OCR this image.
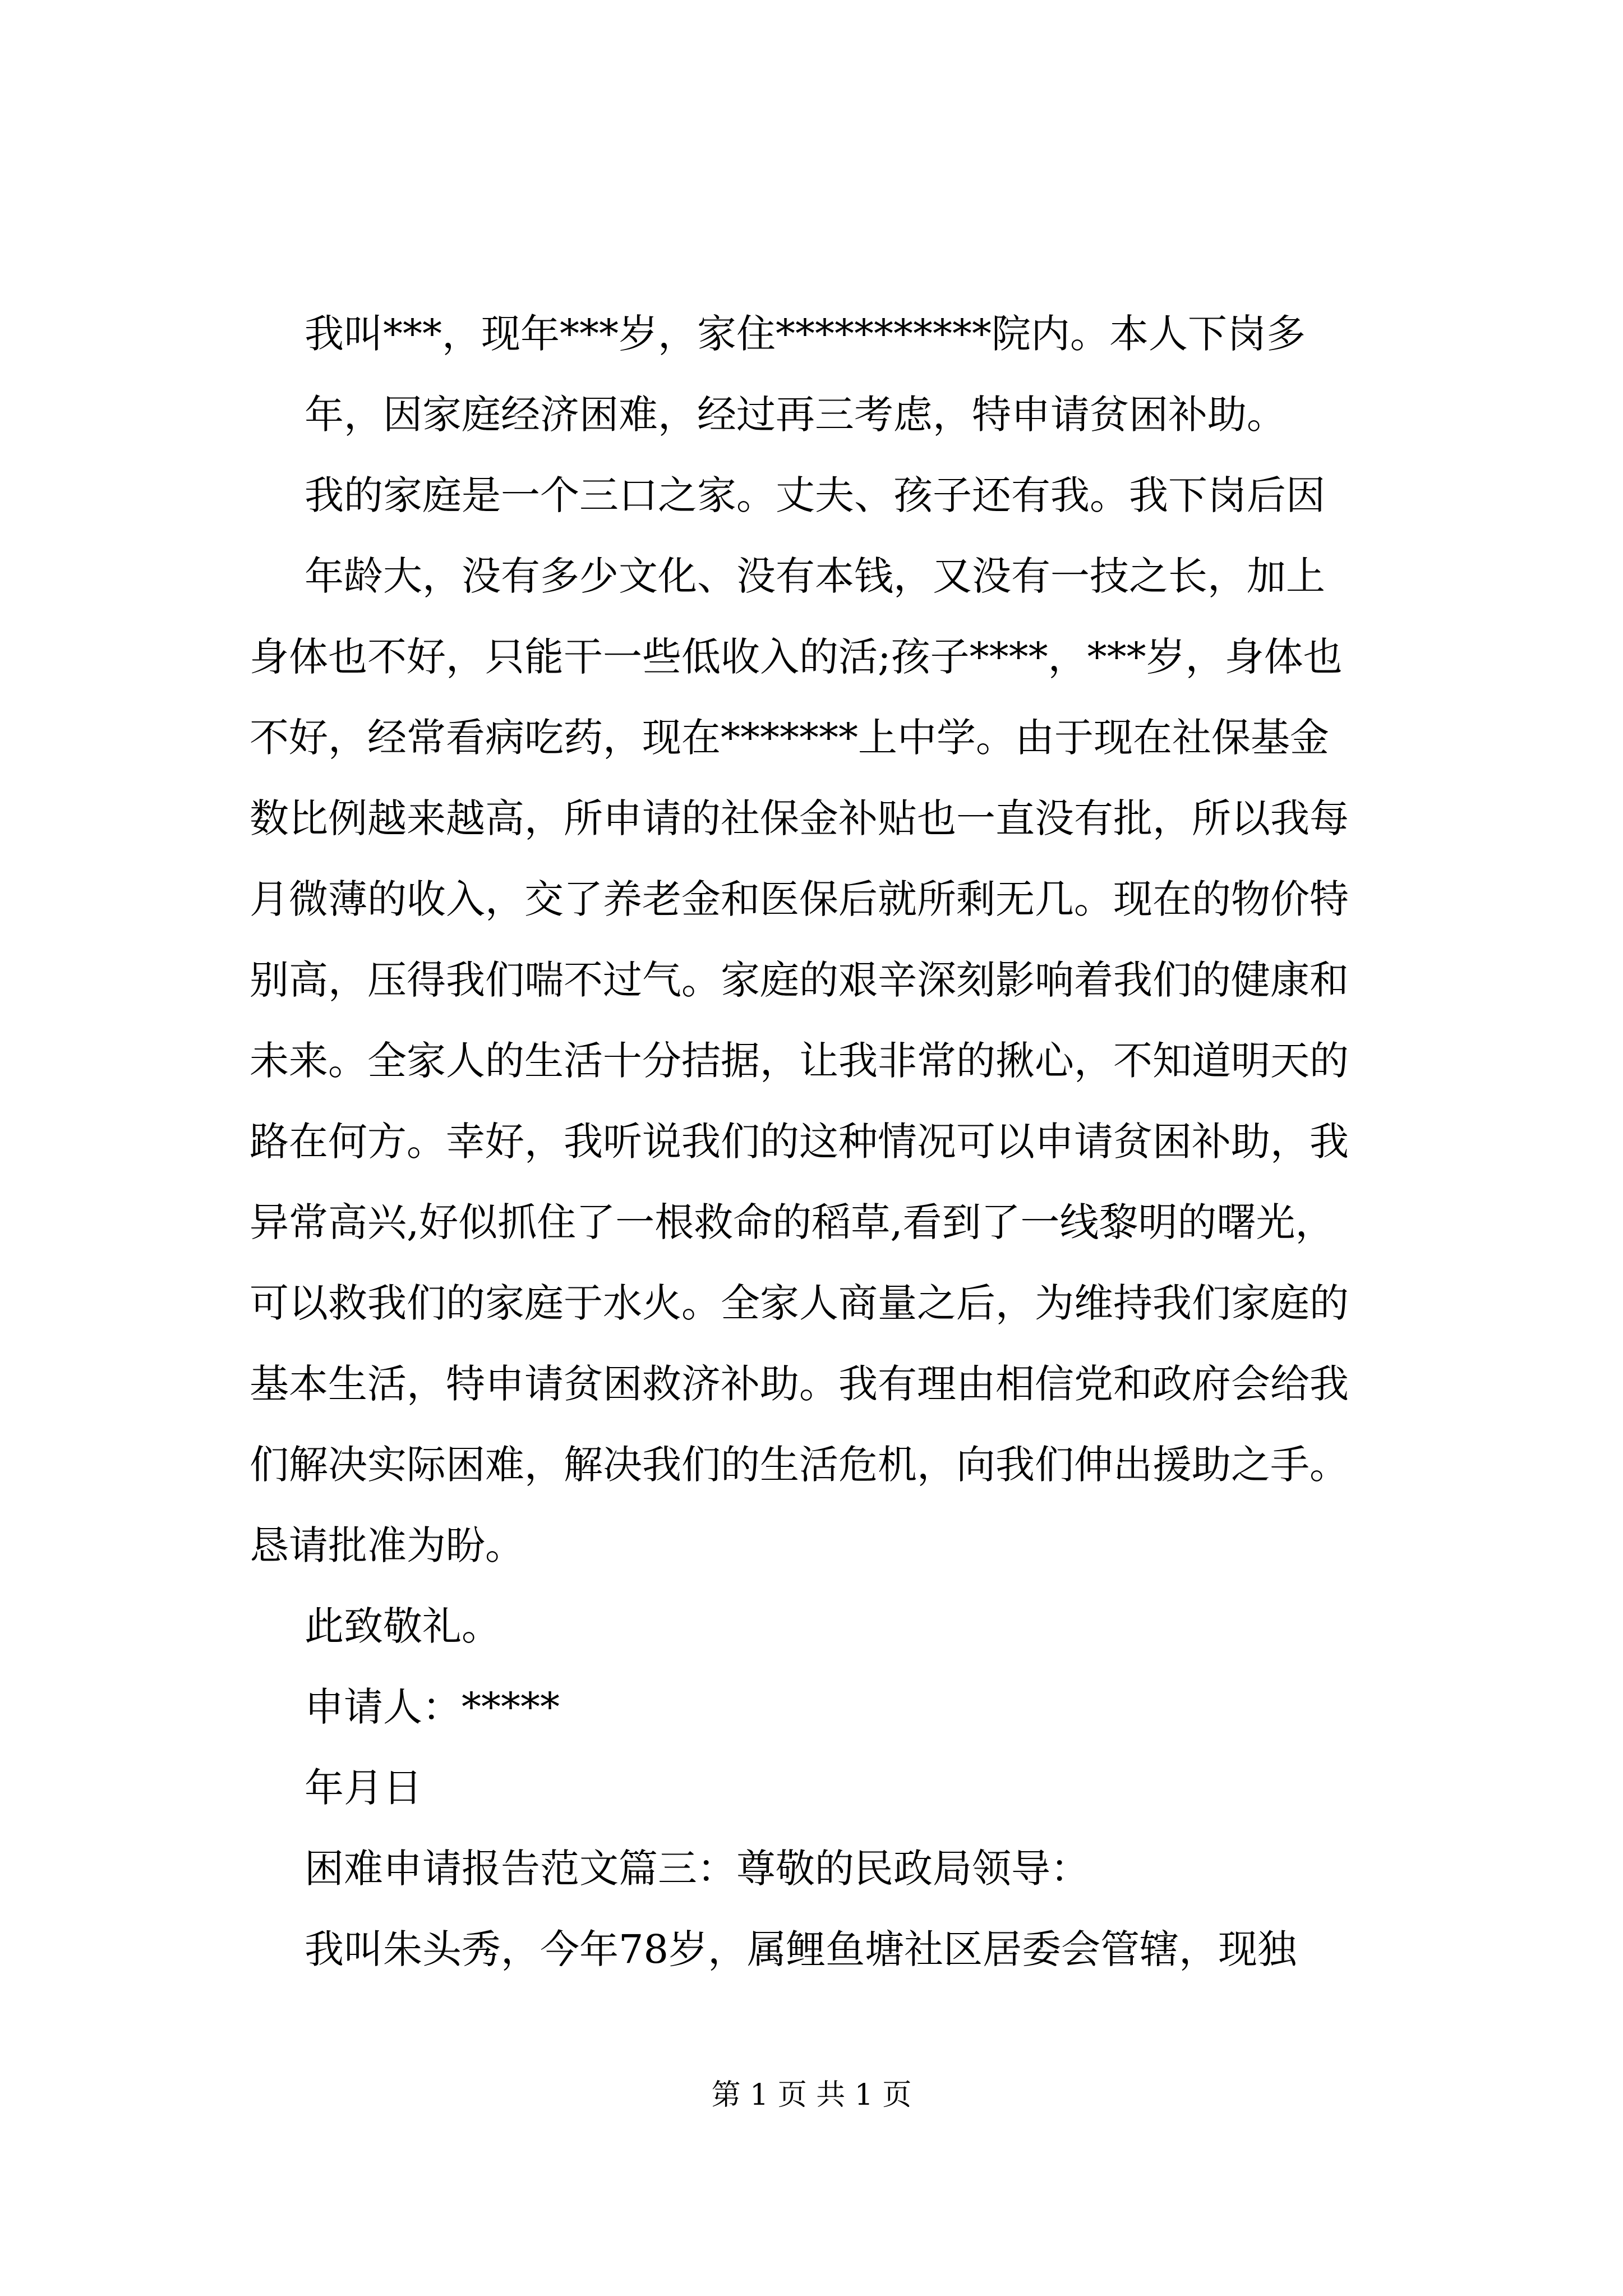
我叫***，现年***岁，家住***********院内。本人下岗多

年，因家庭经济困难，经过再三考虑，特申请贫困补助。

我的家庭是一个三口之家。丈夫、孩子还有我。我下岗后因

年龄大，没有多少文化、没有本钱，又没有一技之长，加上

身体也不好，只能干一些低收入的活;孩子****，***岁，身体也

不好，经常看病吃药，现在*******上中学。由于现在社保基金

数比例越来越高，所申请的社保金补贴也一直没有批，所以我每

月微薄的收入，交了养老金和医保后就所剩无几。现在的物价特

别高，压得我们喘不过气。家庭的艰辛深刻影响着我们的健康和

未来。全家人的生活十分拮据，让我非常的揪心，不知道明天的

路在何方。幸好，我听说我们的这种情况可以申请贫困补助，我

异常高兴,好似抓住了一根救命的稻草,看到了一线黎明的曙光，

可以救我们的家庭于水火。全家人商量之后，为维持我们家庭的

基本生活，特申请贫困救济补助。我有理由相信党和政府会给我

们解决实际困难，解决我们的生活危机，向我们伸出援助之手。

恳请批准为盼。

此致敬礼。

申请人：*****

年月日

困难申请报告范文篇三：尊敬的民政局领导：

我叫朱头秀，今年78岁，属鲤鱼塘社区居委会管辖，现独

第 1 页 共 1 页
